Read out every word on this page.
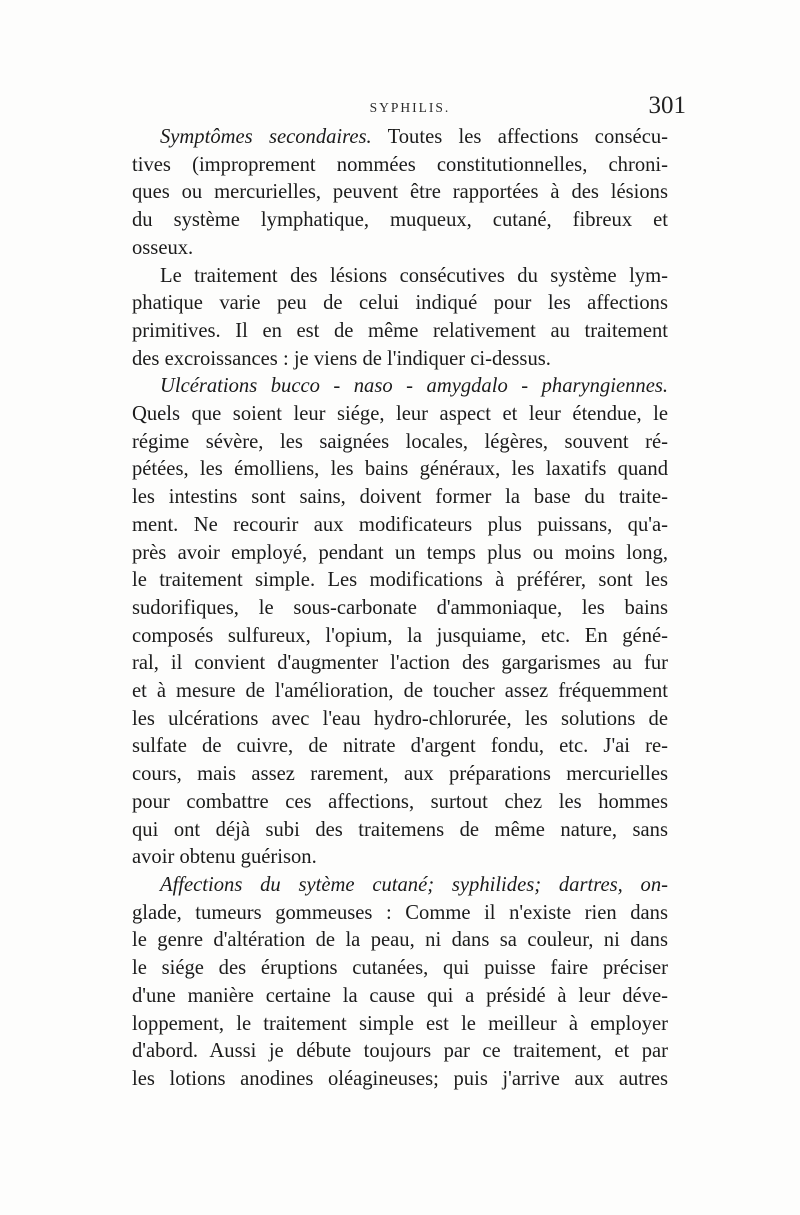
SYPHILIS.	301
Symptômes secondaires. Toutes les affections consécu-
tives (improprement nommées constitutionnelles, chroni-
ques ou mercurielles, peuvent être rapportées à des lésions
du système lymphatique, muqueux, cutané, fibreux et
osseux.
Le traitement des lésions consécutives du système lym-
phatique varie peu de celui indiqué pour les affections
primitives. Il en est de même relativement au traitement
des excroissances : je viens de l'indiquer ci-dessus.
Ulcérations bucco - naso - amygdalo - pharyngiennes.
Quels que soient leur siége, leur aspect et leur étendue, le
régime sévère, les saignées locales, légères, souvent ré-
pétées, les émolliens, les bains généraux, les laxatifs quand
les intestins sont sains, doivent former la base du traite-
ment. Ne recourir aux modificateurs plus puissans, qu'a-
près avoir employé, pendant un temps plus ou moins long,
le traitement simple. Les modifications à préférer, sont les
sudorifiques, le sous-carbonate d'ammoniaque, les bains
composés sulfureux, l'opium, la jusquiame, etc. En géné-
ral, il convient d'augmenter l'action des gargarismes au fur
et à mesure de l'amélioration, de toucher assez fréquemment
les ulcérations avec l'eau hydro-chlorurée, les solutions de
sulfate de cuivre, de nitrate d'argent fondu, etc. J'ai re-
cours, mais assez rarement, aux préparations mercurielles
pour combattre ces affections, surtout chez les hommes
qui ont déjà subi des traitemens de même nature, sans
avoir obtenu guérison.
Affections du sytème cutané; syphilides; dartres, on-
glade, tumeurs gommeuses : Comme il n'existe rien dans
le genre d'altération de la peau, ni dans sa couleur, ni dans
le siége des éruptions cutanées, qui puisse faire préciser
d'une manière certaine la cause qui a présidé à leur déve-
loppement, le traitement simple est le meilleur à employer
d'abord. Aussi je débute toujours par ce traitement, et par
les lotions anodines oléagineuses; puis j'arrive aux autres
